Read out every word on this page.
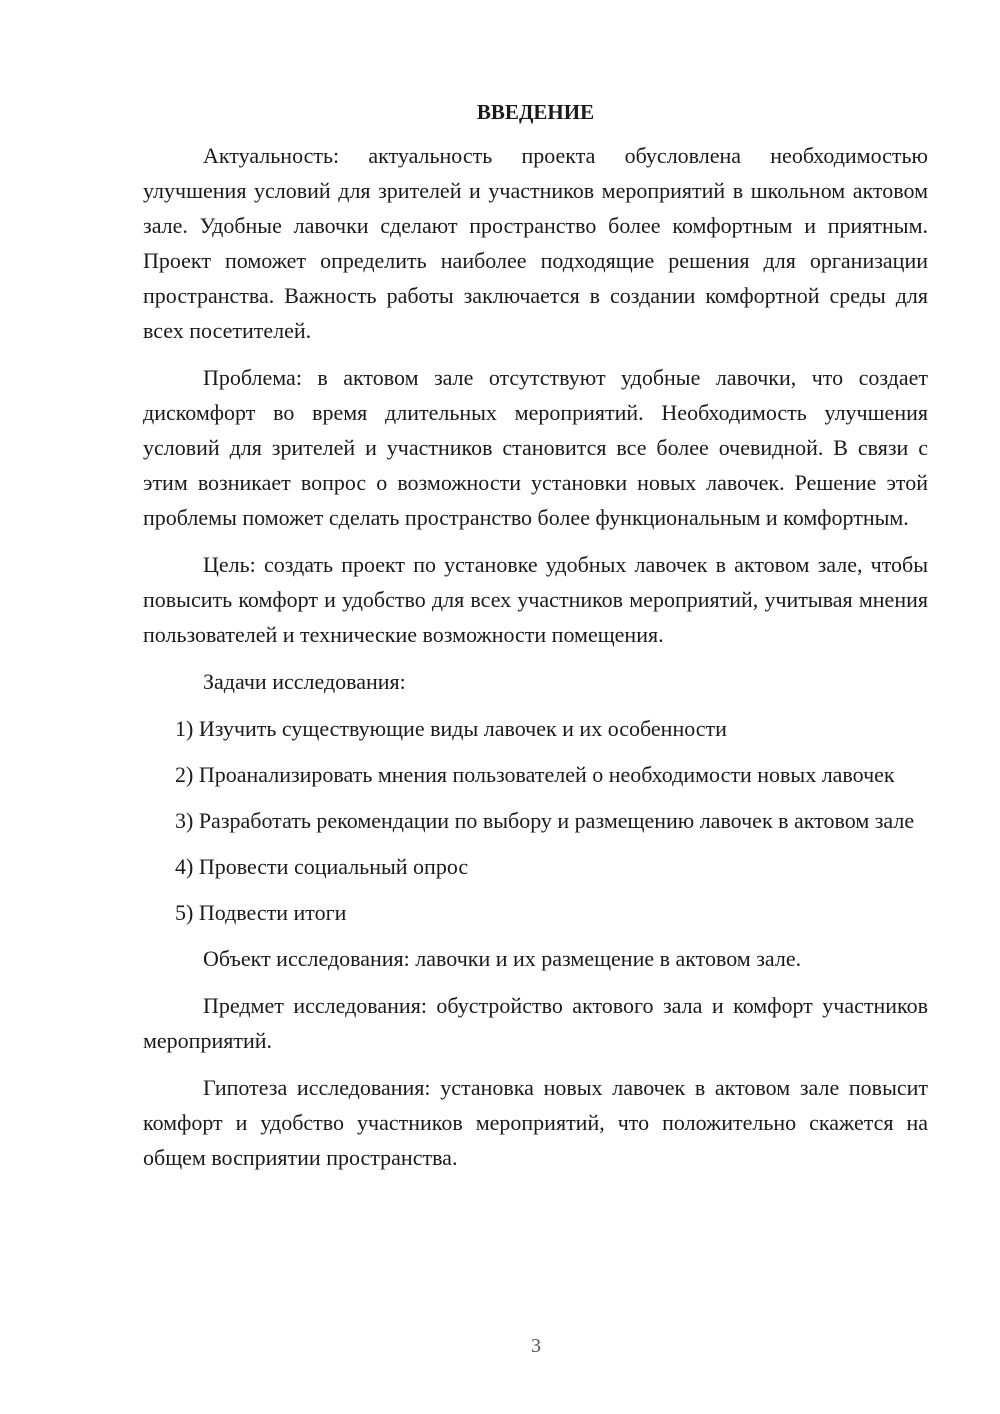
ВВЕДЕНИЕ

Актуальность: актуальность проекта обусловлена необходимостью улучшения условий для зрителей и участников мероприятий в школьном актовом зале. Удобные лавочки сделают пространство более комфортным и приятным. Проект поможет определить наиболее подходящие решения для организации пространства. Важность работы заключается в создании комфортной среды для всех посетителей.

Проблема: в актовом зале отсутствуют удобные лавочки, что создает дискомфорт во время длительных мероприятий. Необходимость улучшения условий для зрителей и участников становится все более очевидной. В связи с этим возникает вопрос о возможности установки новых лавочек. Решение этой проблемы поможет сделать пространство более функциональным и комфортным.

Цель: создать проект по установке удобных лавочек в актовом зале, чтобы повысить комфорт и удобство для всех участников мероприятий, учитывая мнения пользователей и технические возможности помещения.

Задачи исследования:

1) Изучить существующие виды лавочек и их особенности

2) Проанализировать мнения пользователей о необходимости новых лавочек

3) Разработать рекомендации по выбору и размещению лавочек в актовом зале

4) Провести социальный опрос

5) Подвести итоги

Объект исследования: лавочки и их размещение в актовом зале.

Предмет исследования: обустройство актового зала и комфорт участников мероприятий.

Гипотеза исследования: установка новых лавочек в актовом зале повысит комфорт и удобство участников мероприятий, что положительно скажется на общем восприятии пространства.

3
